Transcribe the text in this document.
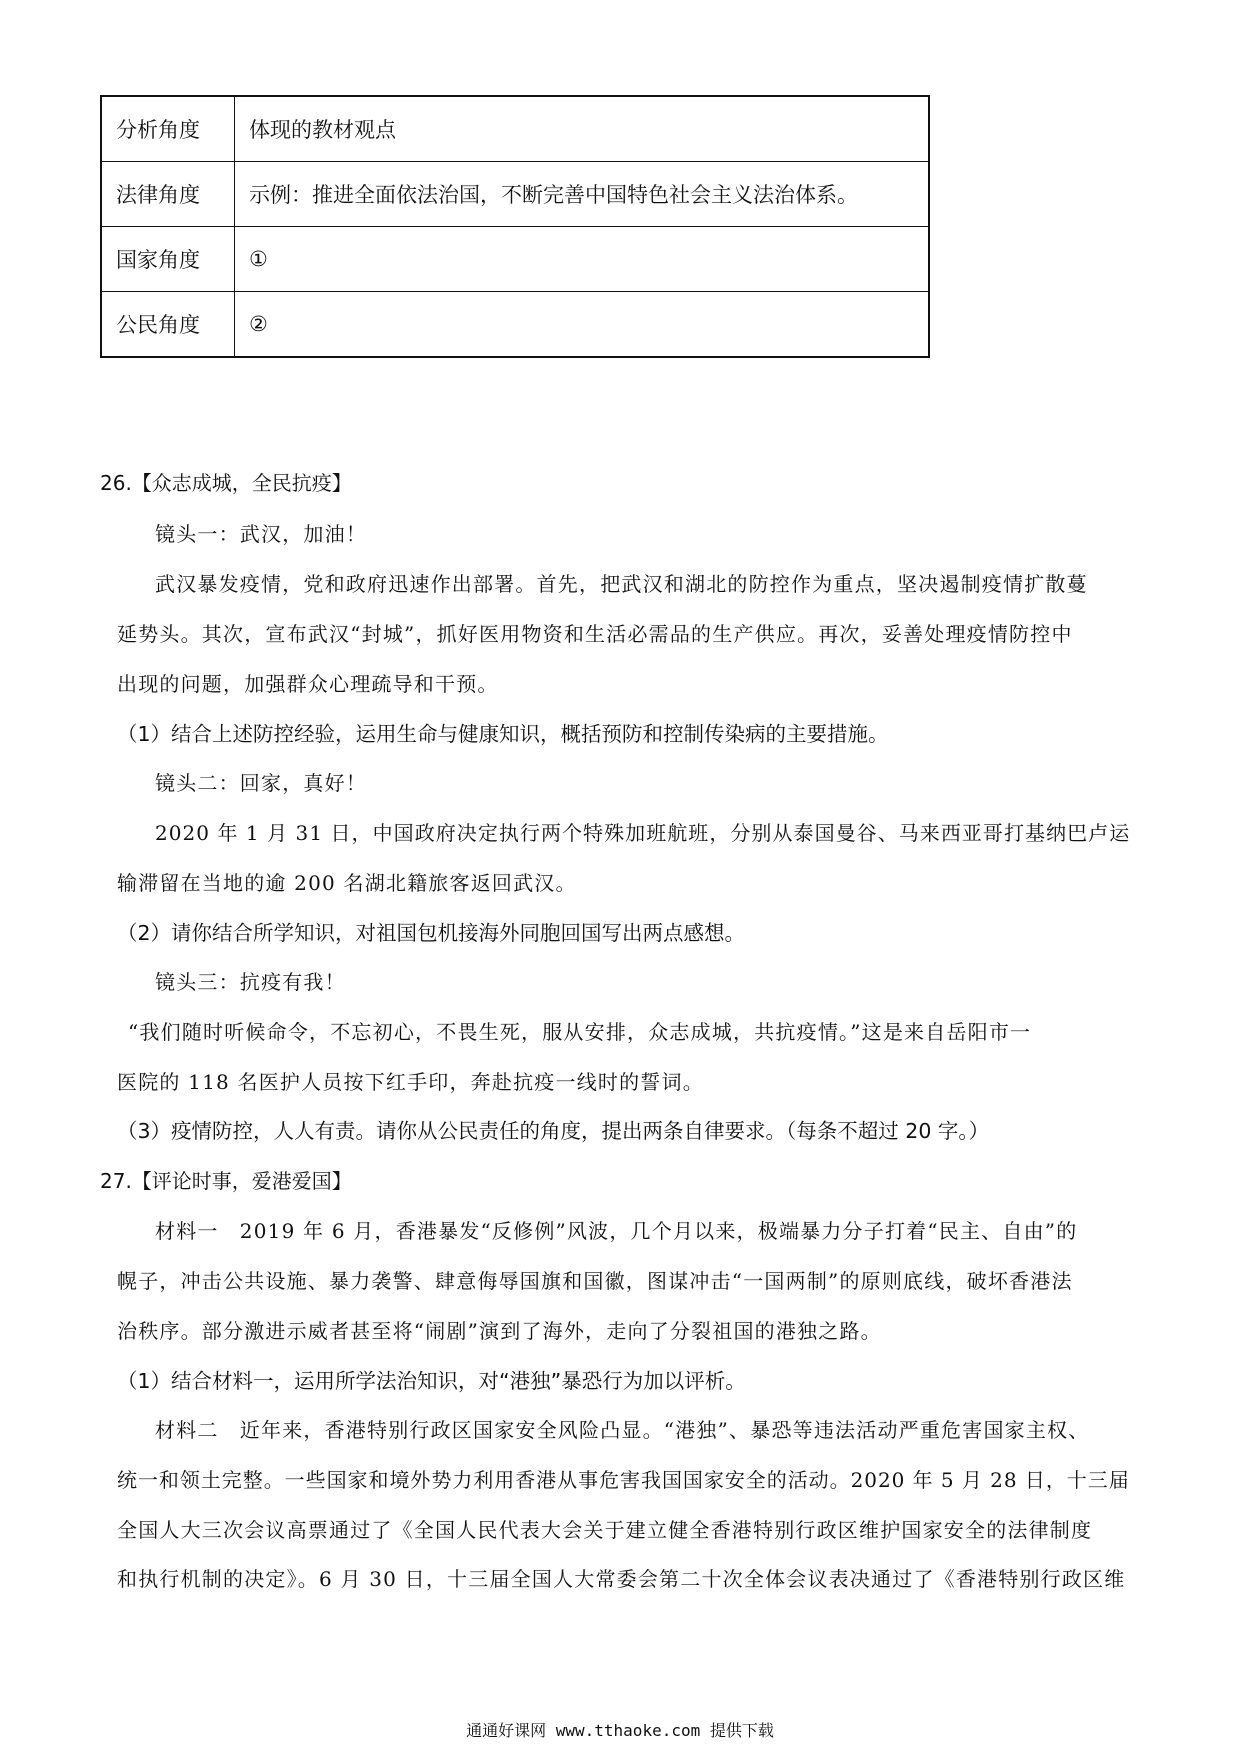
分析角度	体现的教材观点
法律角度	示例：推进全面依法治国，不断完善中国特色社会主义法治体系。
国家角度	①
公民角度	②
26.【众志成城，全民抗疫】
镜头一：武汉，加油！
武汉暴发疫情，党和政府迅速作出部署。首先，把武汉和湖北的防控作为重点，坚决遏制疫情扩散蔓
延势头。其次，宣布武汉“封城”，抓好医用物资和生活必需品的生产供应。再次，妥善处理疫情防控中
出现的问题，加强群众心理疏导和干预。
（1）结合上述防控经验，运用生命与健康知识，概括预防和控制传染病的主要措施。
镜头二：回家，真好！
2020 年 1 月 31 日，中国政府决定执行两个特殊加班航班，分别从泰国曼谷、马来西亚哥打基纳巴卢运
输滞留在当地的逾 200 名湖北籍旅客返回武汉。
（2）请你结合所学知识，对祖国包机接海外同胞回国写出两点感想。
镜头三：抗疫有我！
“我们随时听候命令，不忘初心，不畏生死，服从安排，众志成城，共抗疫情。”这是来自岳阳市一
医院的 118 名医护人员按下红手印，奔赴抗疫一线时的誓词。
（3）疫情防控，人人有责。请你从公民责任的角度，提出两条自律要求。（每条不超过 20 字。）
27.【评论时事，爱港爱国】
材料一　2019 年 6 月，香港暴发“反修例”风波，几个月以来，极端暴力分子打着“民主、自由”的
幌子，冲击公共设施、暴力袭警、肆意侮辱国旗和国徽，图谋冲击“一国两制”的原则底线，破坏香港法
治秩序。部分激进示威者甚至将“闹剧”演到了海外，走向了分裂祖国的港独之路。
（1）结合材料一，运用所学法治知识，对“港独”暴恐行为加以评析。
材料二　近年来，香港特别行政区国家安全风险凸显。“港独”、暴恐等违法活动严重危害国家主权、
统一和领土完整。一些国家和境外势力利用香港从事危害我国国家安全的活动。2020 年 5 月 28 日，十三届
全国人大三次会议高票通过了《全国人民代表大会关于建立健全香港特别行政区维护国家安全的法律制度
和执行机制的决定》。6 月 30 日，十三届全国人大常委会第二十次全体会议表决通过了《香港特别行政区维
通通好课网 www.tthaoke.com 提供下载
